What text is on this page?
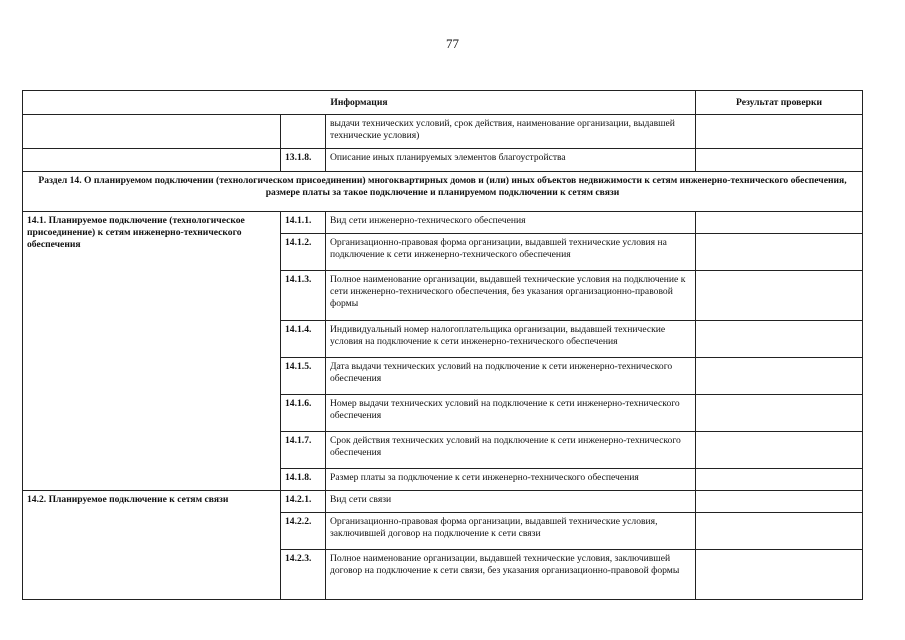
77
Информация			Результат проверки
		выдачи технических условий, срок действия, наименование организации, выдавшей технические условия)	
	13.1.8.	Описание иных планируемых элементов благоустройства	
Раздел 14. О планируемом подключении (технологическом присоединении) многоквартирных домов и (или) иных объектов недвижимости к сетям инженерно-технического обеспечения, размере платы за такое подключение и планируемом подключении к сетям связи			
14.1. Планируемое подключение (технологическое присоединение) к сетям инженерно-технического обеспечения	14.1.1.	Вид сети инженерно-технического обеспечения	
	14.1.2.	Организационно-правовая форма организации, выдавшей технические условия на подключение к сети инженерно-технического обеспечения	
	14.1.3.	Полное наименование организации, выдавшей технические условия на подключение к сети инженерно-технического обеспечения, без указания организационно-правовой формы	
	14.1.4.	Индивидуальный номер налогоплательщика организации, выдавшей технические условия на подключение к сети инженерно-технического обеспечения	
	14.1.5.	Дата выдачи технических условий на подключение к сети инженерно-технического обеспечения	
	14.1.6.	Номер выдачи технических условий на подключение к сети инженерно-технического обеспечения	
	14.1.7.	Срок действия технических условий на подключение к сети инженерно-технического обеспечения	
	14.1.8.	Размер платы за подключение к сети инженерно-технического обеспечения	
14.2. Планируемое подключение к сетям связи	14.2.1.	Вид сети связи	
	14.2.2.	Организационно-правовая форма организации, выдавшей технические условия, заключившей договор на подключение к сети связи	
	14.2.3.	Полное наименование организации, выдавшей технические условия, заключившей договор на подключение к сети связи, без указания организационно-правовой формы	
